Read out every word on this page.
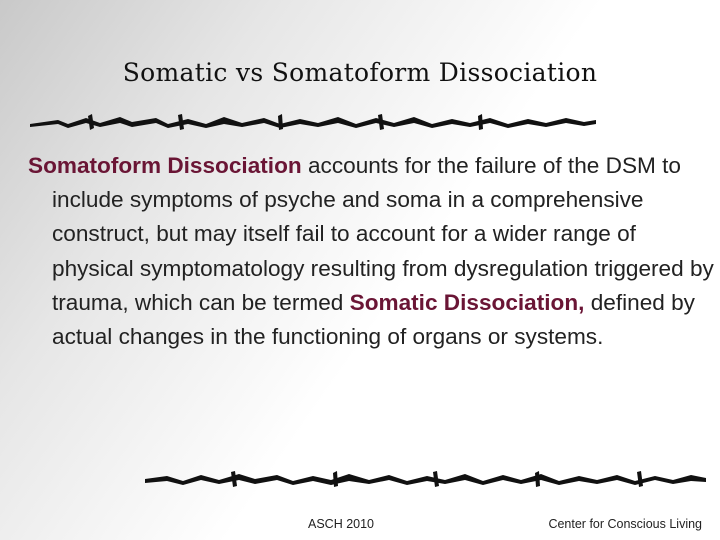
Somatic vs Somatoform Dissociation
Somatoform Dissociation accounts for the failure of the DSM to include symptoms of psyche and soma in a comprehensive construct, but may itself fail to account for a wider range of physical symptomatology resulting from dysregulation triggered by trauma, which can be termed Somatic Dissociation, defined by actual changes in the functioning of organs or systems.
ASCH 2010	Center for Conscious Living
